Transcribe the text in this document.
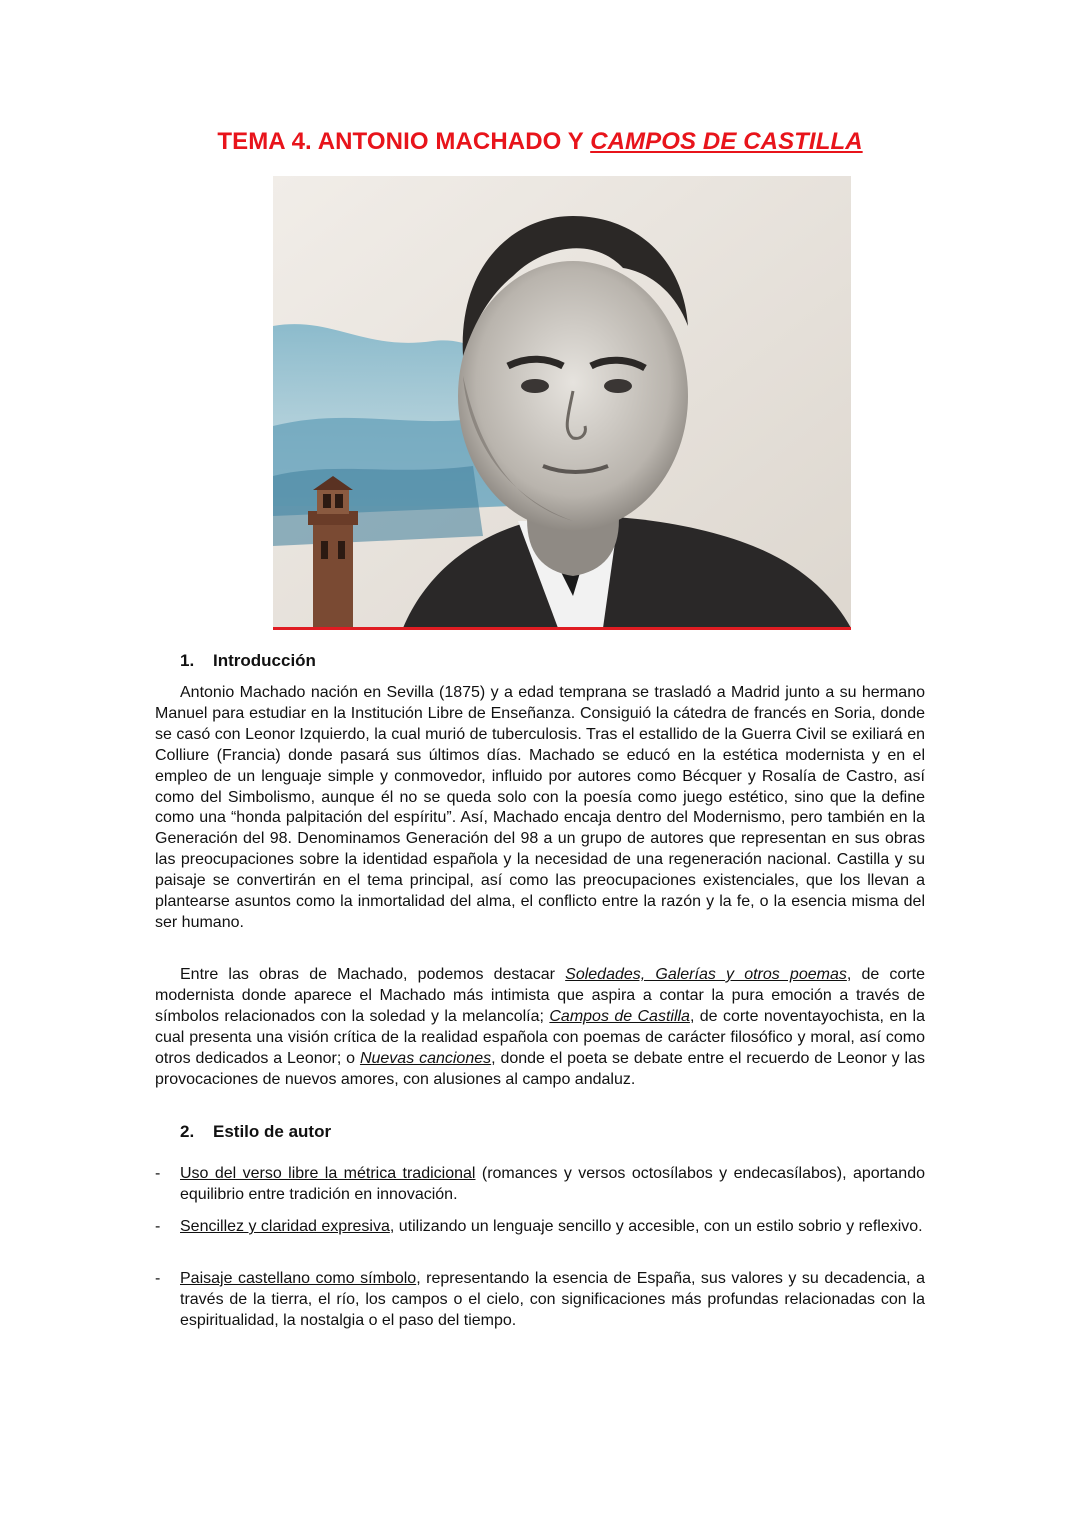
TEMA 4. ANTONIO MACHADO Y CAMPOS DE CASTILLA
1. Introducción
Antonio Machado nación en Sevilla (1875) y a edad temprana se trasladó a Madrid junto a su hermano Manuel para estudiar en la Institución Libre de Enseñanza. Consiguió la cátedra de francés en Soria, donde se casó con Leonor Izquierdo, la cual murió de tuberculosis. Tras el estallido de la Guerra Civil se exiliará en Colliure (Francia) donde pasará sus últimos días. Machado se educó en la estética modernista y en el empleo de un lenguaje simple y conmovedor, influido por autores como Bécquer y Rosalía de Castro, así como del Simbolismo, aunque él no se queda solo con la poesía como juego estético, sino que la define como una “honda palpitación del espíritu”. Así, Machado encaja dentro del Modernismo, pero también en la Generación del 98. Denominamos Generación del 98 a un grupo de autores que representan en sus obras las preocupaciones sobre la identidad española y la necesidad de una regeneración nacional. Castilla y su paisaje se convertirán en el tema principal, así como las preocupaciones existenciales, que los llevan a plantearse asuntos como la inmortalidad del alma, el conflicto entre la razón y la fe, o la esencia misma del ser humano.
Entre las obras de Machado, podemos destacar Soledades, Galerías y otros poemas, de corte modernista donde aparece el Machado más intimista que aspira a contar la pura emoción a través de símbolos relacionados con la soledad y la melancolía; Campos de Castilla, de corte noventayochista, en la cual presenta una visión crítica de la realidad española con poemas de carácter filosófico y moral, así como otros dedicados a Leonor; o Nuevas canciones, donde el poeta se debate entre el recuerdo de Leonor y las provocaciones de nuevos amores, con alusiones al campo andaluz.
2. Estilo de autor
-	Uso del verso libre la métrica tradicional (romances y versos octosílabos y endecasílabos), aportando equilibrio entre tradición en innovación.
-	Sencillez y claridad expresiva, utilizando un lenguaje sencillo y accesible, con un estilo sobrio y reflexivo.
-	Paisaje castellano como símbolo, representando la esencia de España, sus valores y su decadencia, a través de la tierra, el río, los campos o el cielo, con significaciones más profundas relacionadas con la espiritualidad, la nostalgia o el paso del tiempo.
